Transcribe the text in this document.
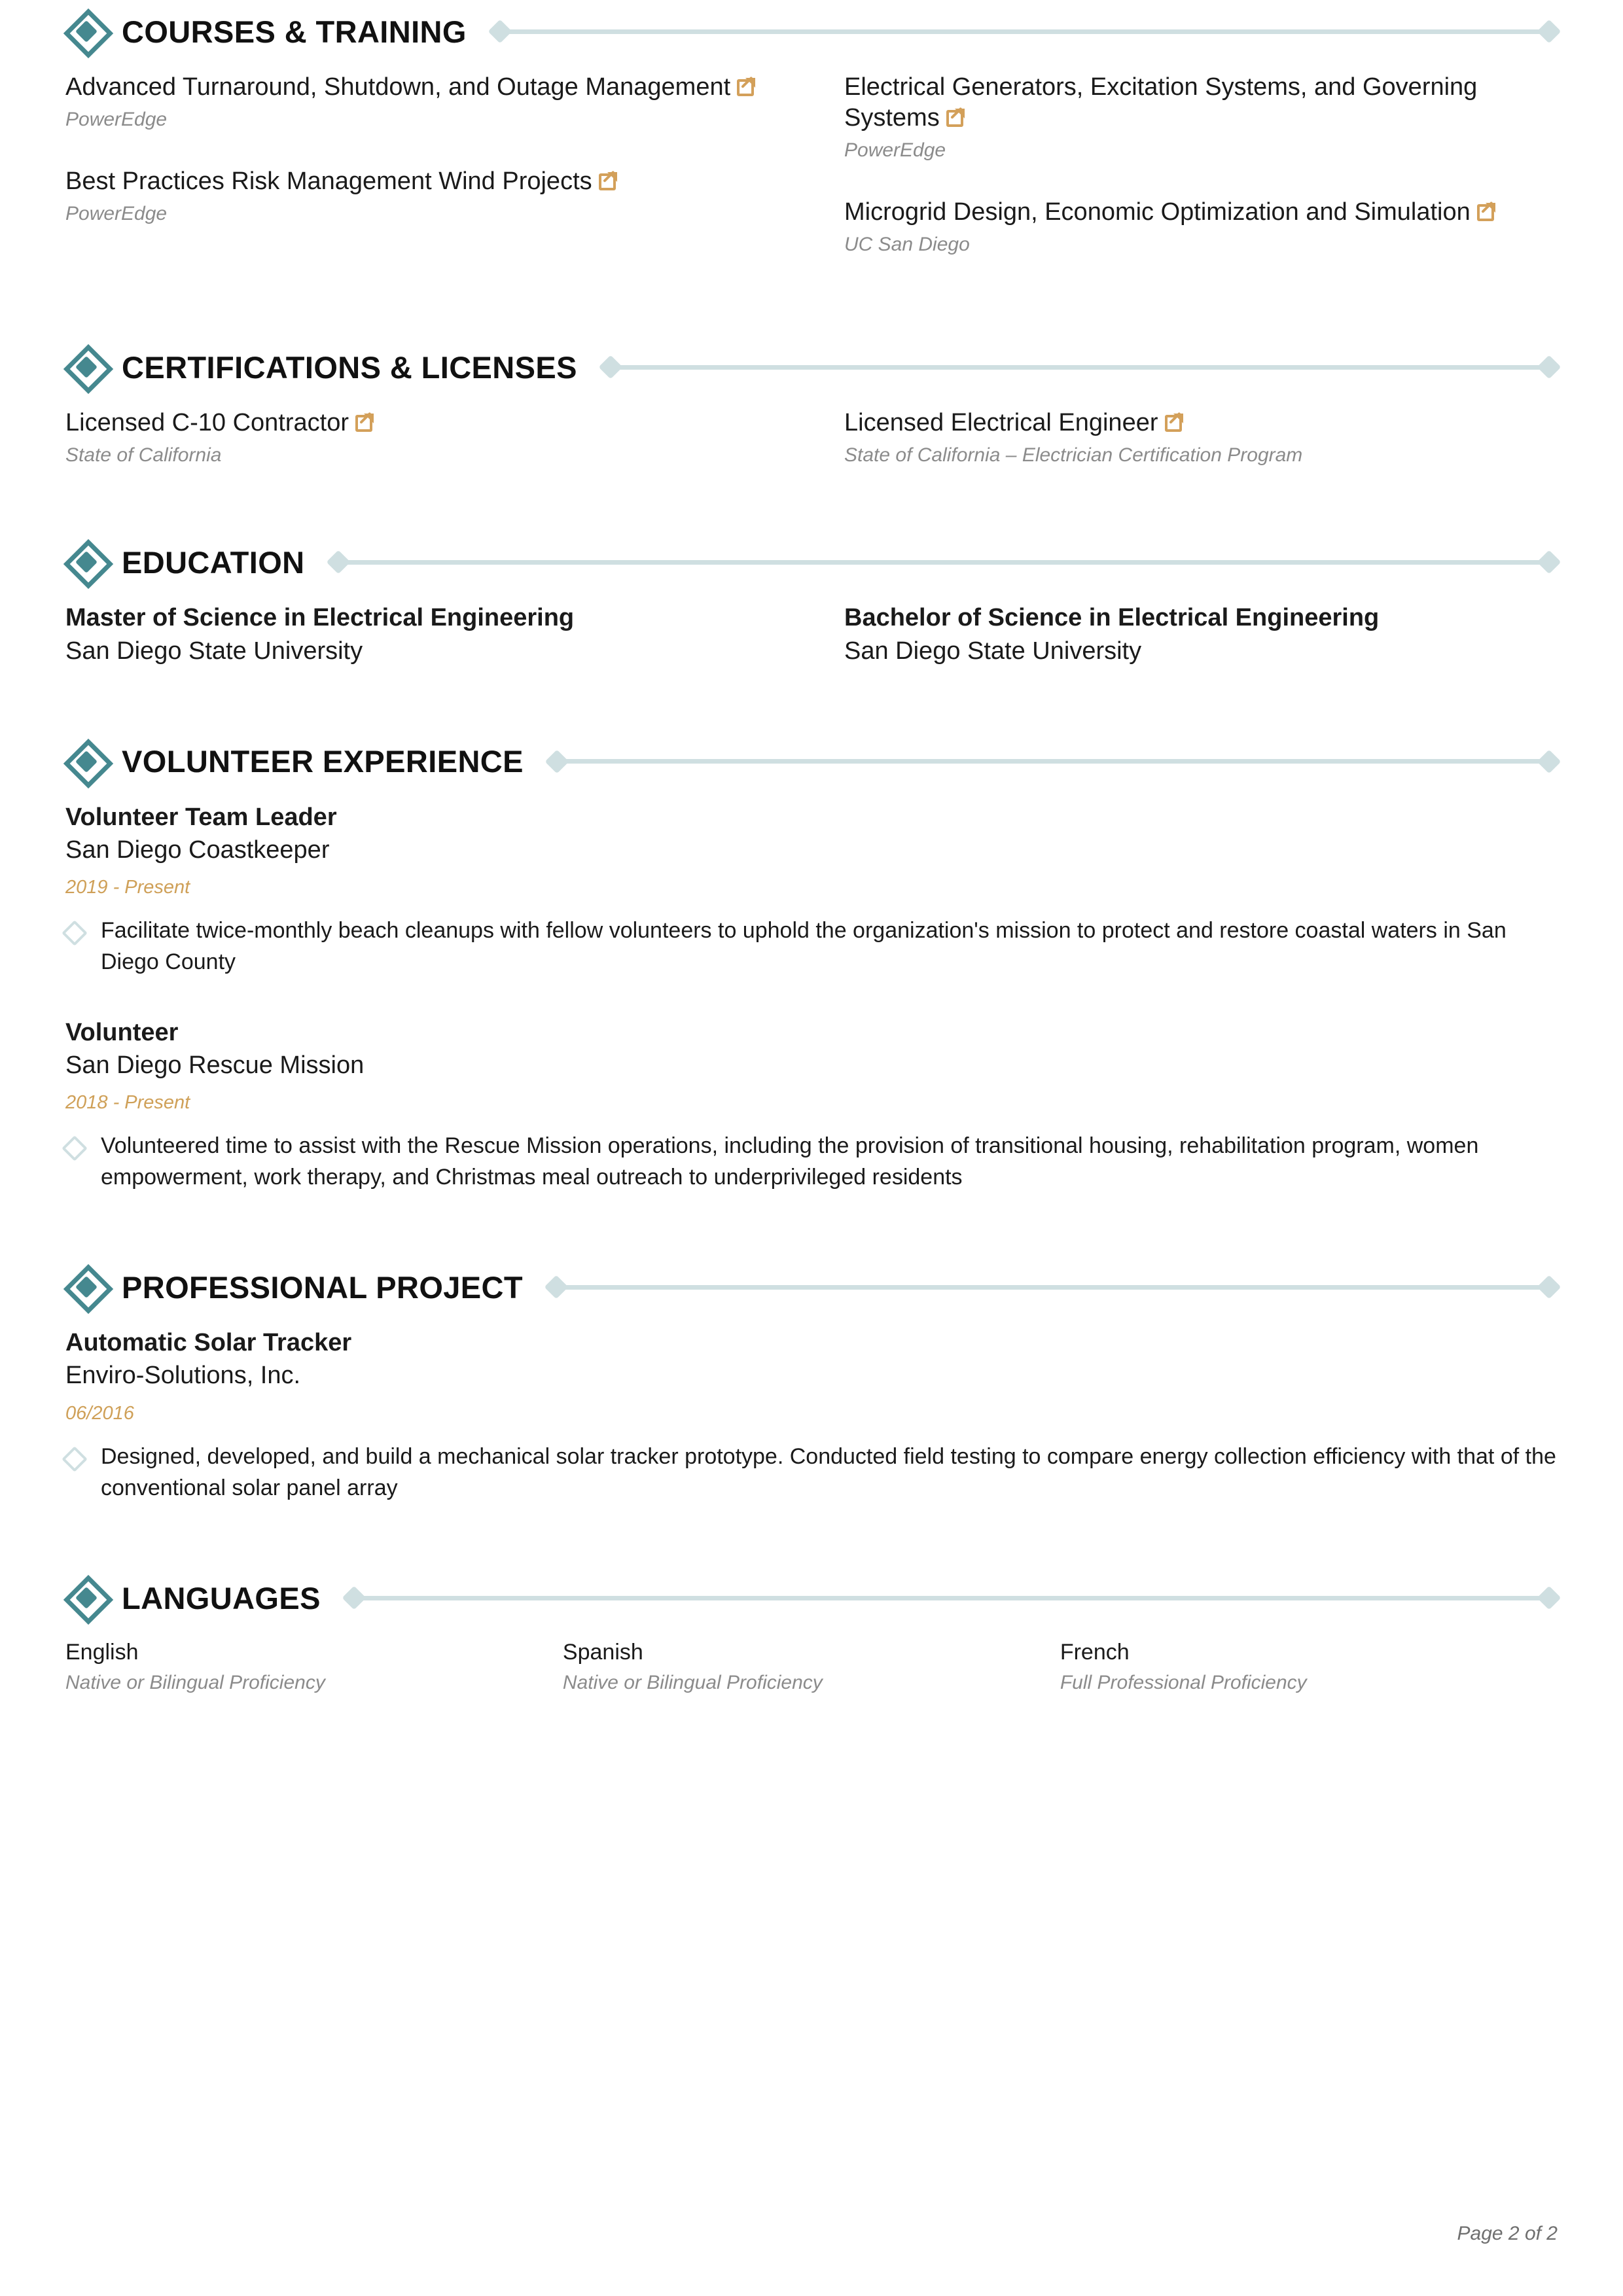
COURSES & TRAINING
Advanced Turnaround, Shutdown, and Outage Management
PowerEdge
Best Practices Risk Management Wind Projects
PowerEdge
Electrical Generators, Excitation Systems, and Governing Systems
PowerEdge
Microgrid Design, Economic Optimization and Simulation
UC San Diego
CERTIFICATIONS & LICENSES
Licensed C-10 Contractor
State of California
Licensed Electrical Engineer
State of California – Electrician Certification Program
EDUCATION
Master of Science in Electrical Engineering
San Diego State University
Bachelor of Science in Electrical Engineering
San Diego State University
VOLUNTEER EXPERIENCE
Volunteer Team Leader
San Diego Coastkeeper
2019 - Present
Facilitate twice-monthly beach cleanups with fellow volunteers to uphold the organization's mission to protect and restore coastal waters in San Diego County
Volunteer
San Diego Rescue Mission
2018 - Present
Volunteered time to assist with the Rescue Mission operations, including the provision of transitional housing, rehabilitation program, women empowerment, work therapy, and Christmas meal outreach to underprivileged residents
PROFESSIONAL PROJECT
Automatic Solar Tracker
Enviro-Solutions, Inc.
06/2016
Designed, developed, and build a mechanical solar tracker prototype. Conducted field testing to compare energy collection efficiency with that of the conventional solar panel array
LANGUAGES
English
Native or Bilingual Proficiency
Spanish
Native or Bilingual Proficiency
French
Full Professional Proficiency
Page 2 of 2
